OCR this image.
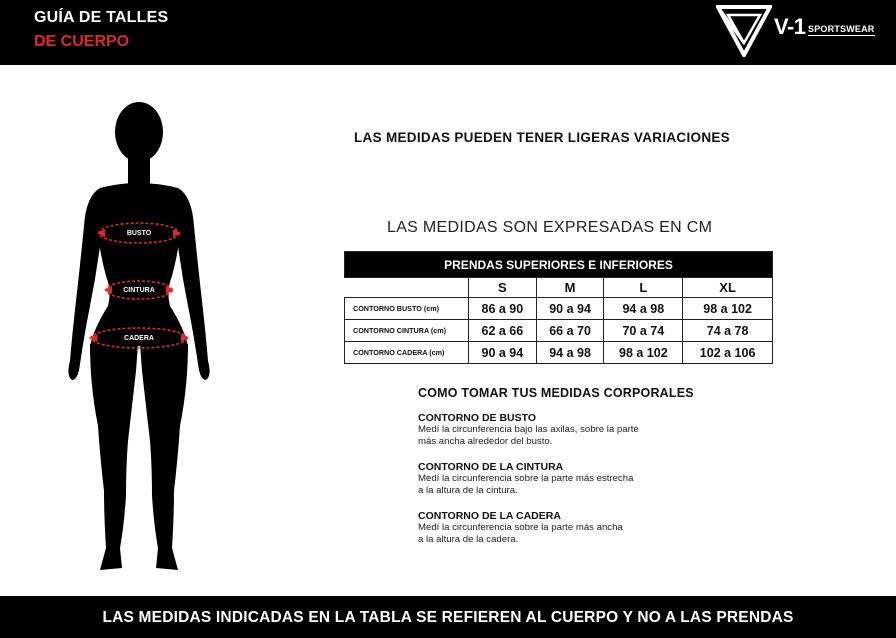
GUÍA DE TALLES
DE CUERPO
V-1 SPORTSWEAR
BUSTO
CINTURA
CADERA
LAS MEDIDAS PUEDEN TENER LIGERAS VARIACIONES
LAS MEDIDAS SON EXPRESADAS EN CM
PRENDAS SUPERIORES E INFERIORES				
	S	M	L	XL
CONTORNO BUSTO (cm)	86 a 90	90 a 94	94 a 98	98 a 102
CONTORNO CINTURA (cm)	62 a 66	66 a 70	70 a 74	74 a 78
CONTORNO CADERA (cm)	90 a 94	94 a 98	98 a 102	102 a 106
COMO TOMAR TUS MEDIDAS CORPORALES
CONTORNO DE BUSTO
Medí la circunferencia bajo las axilas, sobre la parte
más ancha alrededor del busto.
CONTORNO DE LA CINTURA
Medí la circunferencia sobre la parte más estrecha
a la altura de la cintura.
CONTORNO DE LA CADERA
Medí la circunferencia sobre la parte más ancha
a la altura de la cadera.
LAS MEDIDAS INDICADAS EN LA TABLA SE REFIEREN AL CUERPO Y NO A LAS PRENDAS
